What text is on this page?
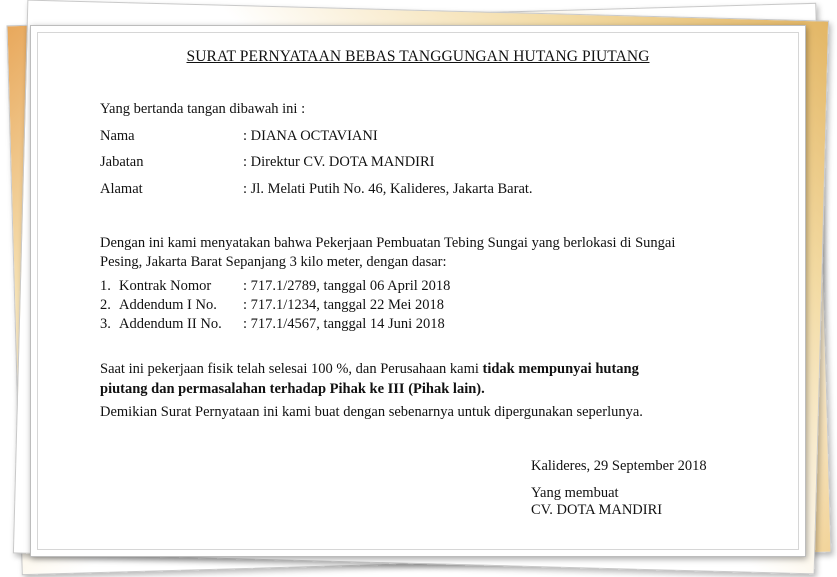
SURAT PERNYATAAN BEBAS TANGGUNGAN HUTANG PIUTANG
Yang bertanda tangan dibawah ini :
Nama	: DIANA OCTAVIANI
Jabatan	: Direktur CV. DOTA MANDIRI
Alamat	: Jl. Melati Putih No. 46, Kalideres, Jakarta Barat.
Dengan ini kami menyatakan bahwa Pekerjaan Pembuatan Tebing Sungai yang berlokasi di Sungai
Pesing, Jakarta Barat Sepanjang 3 kilo meter, dengan dasar:
1. Kontrak Nomor : 717.1/2789, tanggal 06 April 2018
2. Addendum I No. : 717.1/1234, tanggal 22 Mei 2018
3. Addendum II No. : 717.1/4567, tanggal 14 Juni 2018
Saat ini pekerjaan fisik telah selesai 100 %, dan Perusahaan kami tidak mempunyai hutang
piutang dan permasalahan terhadap Pihak ke III (Pihak lain).
Demikian Surat Pernyataan ini kami buat dengan sebenarnya untuk dipergunakan seperlunya.
Kalideres, 29 September 2018
Yang membuat
CV. DOTA MANDIRI
